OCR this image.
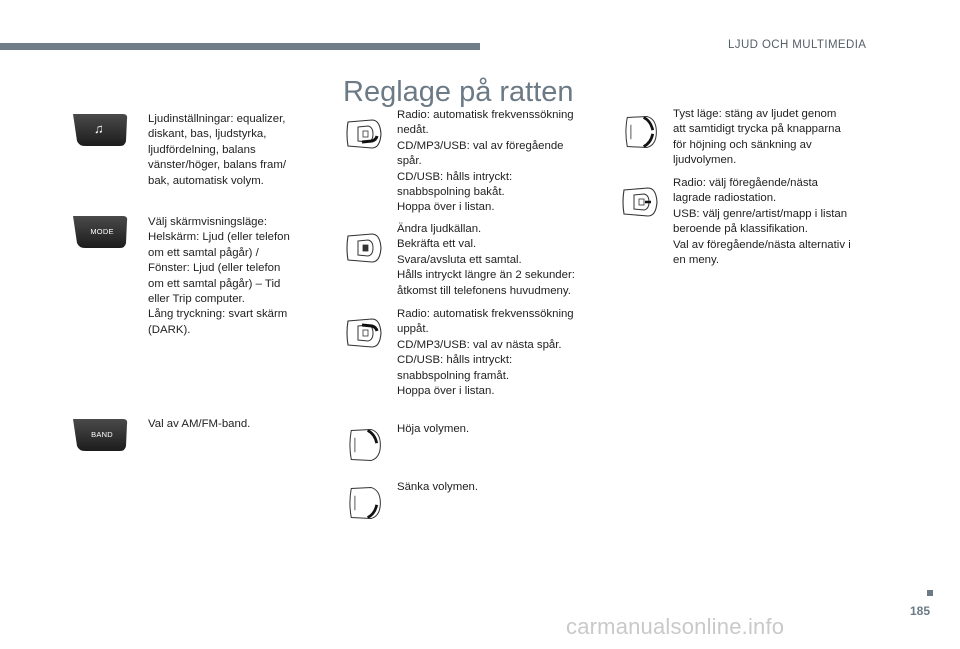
LJUD OCH MULTIMEDIA
Reglage på ratten
♫
MODE
BAND
Ljudinställningar: equalizer,
diskant, bas, ljudstyrka,
ljudfördelning, balans
vänster/höger, balans fram/
bak, automatisk volym.
Välj skärmvisningsläge:
Helskärm: Ljud (eller telefon
om ett samtal pågår) /
Fönster: Ljud (eller telefon
om ett samtal pågår) – Tid
eller Trip computer.
Lång tryckning: svart skärm
(DARK).
Val av AM/FM-band.
Radio: automatisk frekvenssökning
nedåt.
CD/MP3/USB: val av föregående
spår.
CD/USB: hålls intryckt:
snabbspolning bakåt.
Hoppa över i listan.
Ändra ljudkällan.
Bekräfta ett val.
Svara/avsluta ett samtal.
Hålls intryckt längre än 2 sekunder:
åtkomst till telefonens huvudmeny.
Radio: automatisk frekvenssökning
uppåt.
CD/MP3/USB: val av nästa spår.
CD/USB: hålls intryckt:
snabbspolning framåt.
Hoppa över i listan.
Höja volymen.
Sänka volymen.
Tyst läge: stäng av ljudet genom
att samtidigt trycka på knapparna
för höjning och sänkning av
ljudvolymen.
Radio: välj föregående/nästa
lagrade radiostation.
USB: välj genre/artist/mapp i listan
beroende på klassifikation.
Val av föregående/nästa alternativ i
en meny.
185
carmanualsonline.info
